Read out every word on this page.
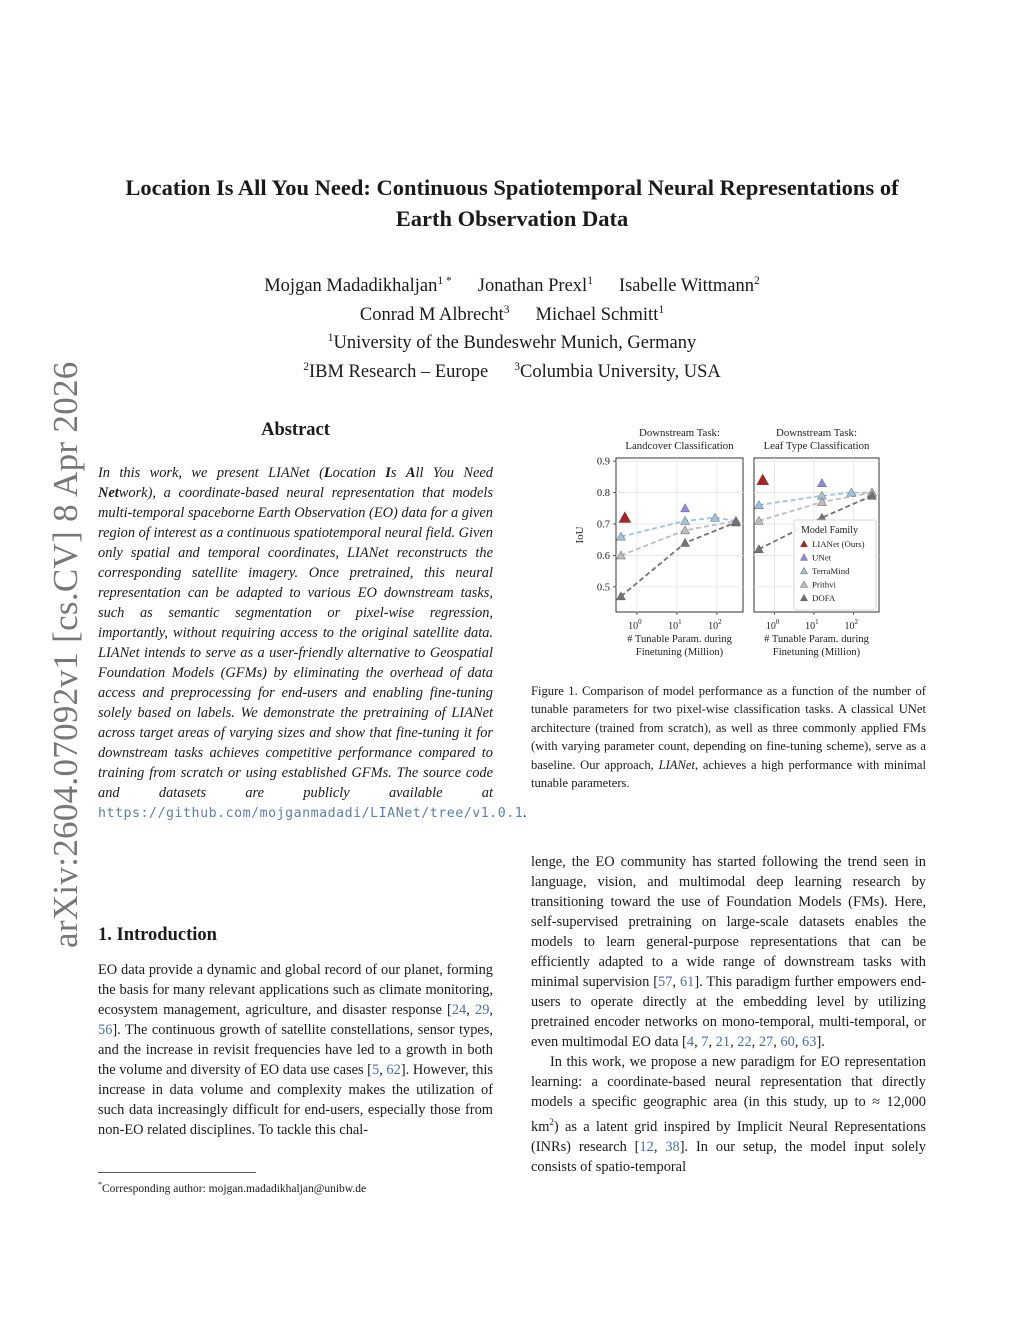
arXiv:2604.07092v1 [cs.CV] 8 Apr 2026
Location Is All You Need: Continuous Spatiotemporal Neural Representations of
Earth Observation Data
Mojgan Madadikhaljan$^{1 *}$ Jonathan Prexl$^1$ Isabelle Wittmann$^2$
Conrad M Albrecht$^3$ Michael Schmitt$^1$
$^1$University of the Bundeswehr Munich, Germany
$^2$IBM Research – Europe $^3$Columbia University, USA
Abstract
In this work, we present LIANet (Location Is All You Need Network), a coordinate-based neural representation that models multi-temporal spaceborne Earth Observation (EO) data for a given region of interest as a continuous spatiotemporal neural field. Given only spatial and temporal coordinates, LIANet reconstructs the corresponding satellite imagery. Once pretrained, this neural representation can be adapted to various EO downstream tasks, such as semantic segmentation or pixel-wise regression, importantly, without requiring access to the original satellite data. LIANet intends to serve as a user-friendly alternative to Geospatial Foundation Models (GFMs) by eliminating the overhead of data access and preprocessing for end-users and enabling fine-tuning solely based on labels. We demonstrate the pretraining of LIANet across target areas of varying sizes and show that fine-tuning it for downstream tasks achieves competitive performance compared to training from scratch or using established GFMs. The source code and datasets are publicly available at https://github.com/mojganmadadi/LIANet/tree/v1.0.1.
1. Introduction

EO data provide a dynamic and global record of our planet, forming the basis for many relevant applications such as climate monitoring, ecosystem management, agriculture, and disaster response [24, 29, 56]. The continuous growth of satellite constellations, sensor types, and the increase in revisit frequencies have led to a growth in both the volume and diversity of EO data use cases [5, 62]. However, this increase in data volume and complexity makes the utilization of such data increasingly difficult for end-users, especially those from non-EO related disciplines. To tackle this chal-

lenge, the EO community has started following the trend seen in language, vision, and multimodal deep learning research by transitioning toward the use of Foundation Models (FMs). Here, self-supervised pretraining on large-scale datasets enables the models to learn general-purpose representations that can be efficiently adapted to a wide range of downstream tasks with minimal supervision [57, 61]. This paradigm further empowers end-users to operate directly at the embedding level by utilizing pretrained encoder networks on mono-temporal, multi-temporal, or even multimodal EO data [4, 7, 21, 22, 27, 60, 63].

In this work, we propose a new paradigm for EO representation learning: a coordinate-based neural representation that directly models a specific geographic area (in this study, up to ≈ 12,000 $km^2$) as a latent grid inspired by Implicit Neural Representations (INRs) research [12, 38]. In our setup, the model input solely consists of spatio-temporal

*Corresponding author: mojgan.madadikhaljan@unibw.de
$10^0$	$10^1$	$10^2$
0.5
0.6
0.7
0.8
0.9
IoU
Downstream Task:
Landcover Classification
# Tunable Param. during
Finetuning (Million)
$10^0$	$10^1$	$10^2$
Downstream Task:
Leaf Type Classification
# Tunable Param. during
Finetuning (Million)
Model Family
LIANet (Ours)
UNet
TerraMind
Prithvi
DOFA
Figure 1. Comparison of model performance as a function of the number of tunable parameters for two pixel-wise classification tasks. A classical UNet architecture (trained from scratch), as well as three commonly applied FMs (with varying parameter count, depending on fine-tuning scheme), serve as a baseline. Our approach, LIANet, achieves a high performance with minimal tunable parameters.
